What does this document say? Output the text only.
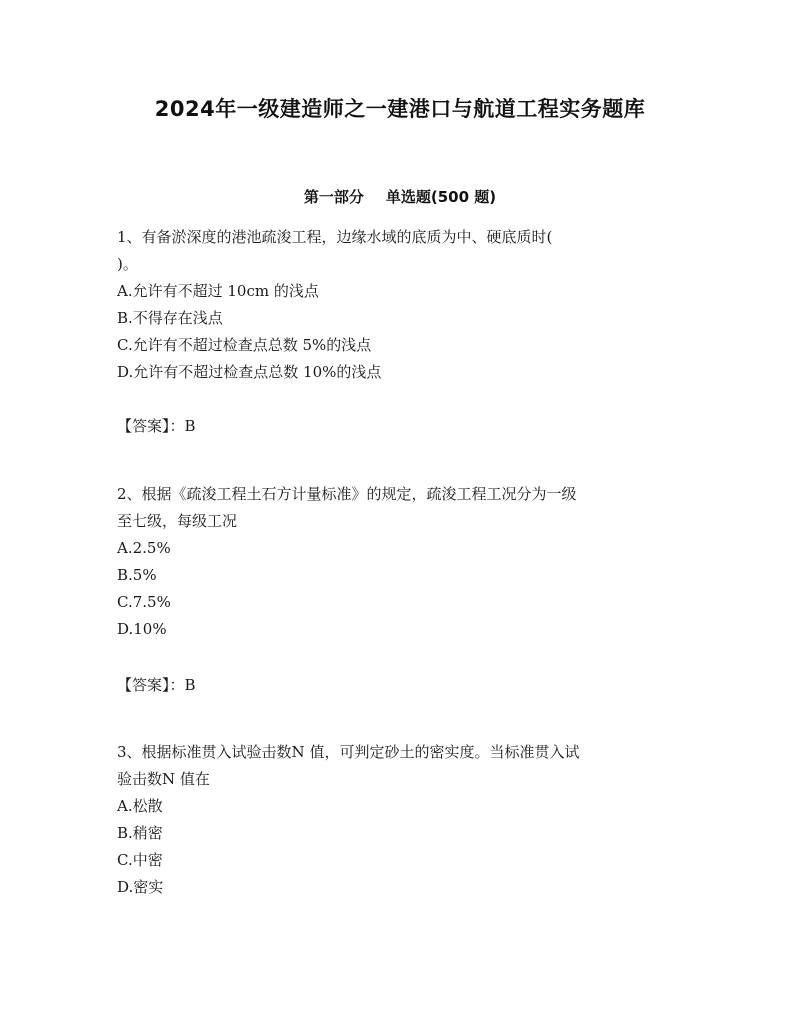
2024年一级建造师之一建港口与航道工程实务题库
第一部分 单选题(500 题)
1、有备淤深度的港池疏浚工程，边缘水域的底质为中、硬底质时(
)。
A.允许有不超过 10cm 的浅点
B.不得存在浅点
C.允许有不超过检查点总数 5%的浅点
D.允许有不超过检查点总数 10%的浅点
【答案】：B
2、根据《疏浚工程土石方计量标准》的规定，疏浚工程工况分为一级
至七级，每级工况
A.2.5%
B.5%
C.7.5%
D.10%
【答案】：B
3、根据标准贯入试验击数N 值，可判定砂土的密实度。当标准贯入试
验击数N 值在
A.松散
B.稍密
C.中密
D.密实
